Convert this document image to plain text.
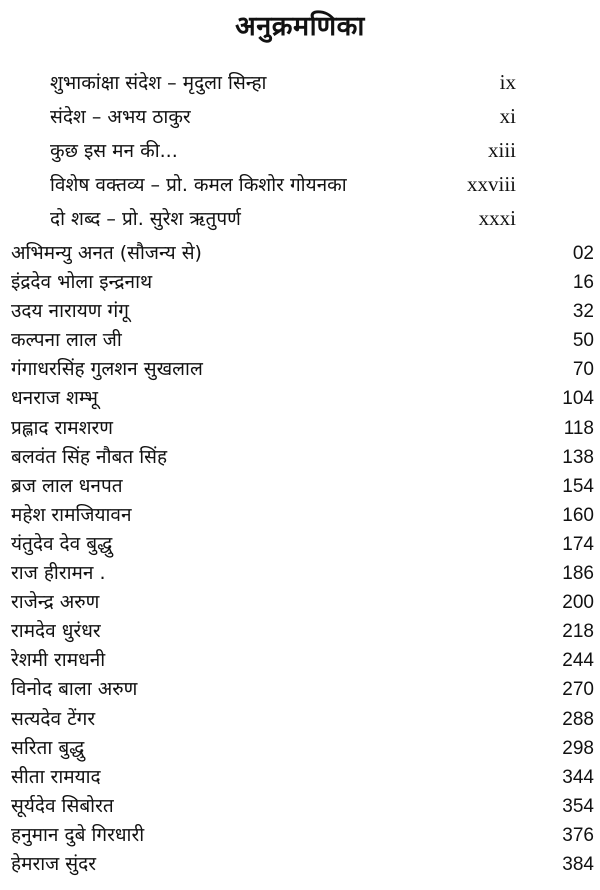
अनुक्रमणिका
शुभाकांक्षा संदेश – मृदुला सिन्हा	ix
संदेश – अभय ठाकुर	xi
कुछ इस मन की...	xiii
विशेष वक्तव्य – प्रो. कमल किशोर गोयनका	xxviii
दो शब्द – प्रो. सुरेश ऋतुपर्ण	xxxi
अभिमन्यु अनत (सौजन्य से)	02
इंद्रदेव भोला इन्द्रनाथ	16
उदय नारायण गंगू	32
कल्पना लाल जी	50
गंगाधरसिंह गुलशन सुखलाल	70
धनराज शम्भू	104
प्रह्लाद रामशरण	118
बलवंत सिंह नौबत सिंह	138
ब्रज लाल धनपत	154
महेश रामजियावन	160
यंतुदेव देव बुद्धु	174
राज हीरामन .	186
राजेन्द्र अरुण	200
रामदेव धुरंधर	218
रेशमी रामधनी	244
विनोद बाला अरुण	270
सत्यदेव टेंगर	288
सरिता बुद्धु	298
सीता रामयाद	344
सूर्यदेव सिबोरत	354
हनुमान दुबे गिरधारी	376
हेमराज सुंदर	384
